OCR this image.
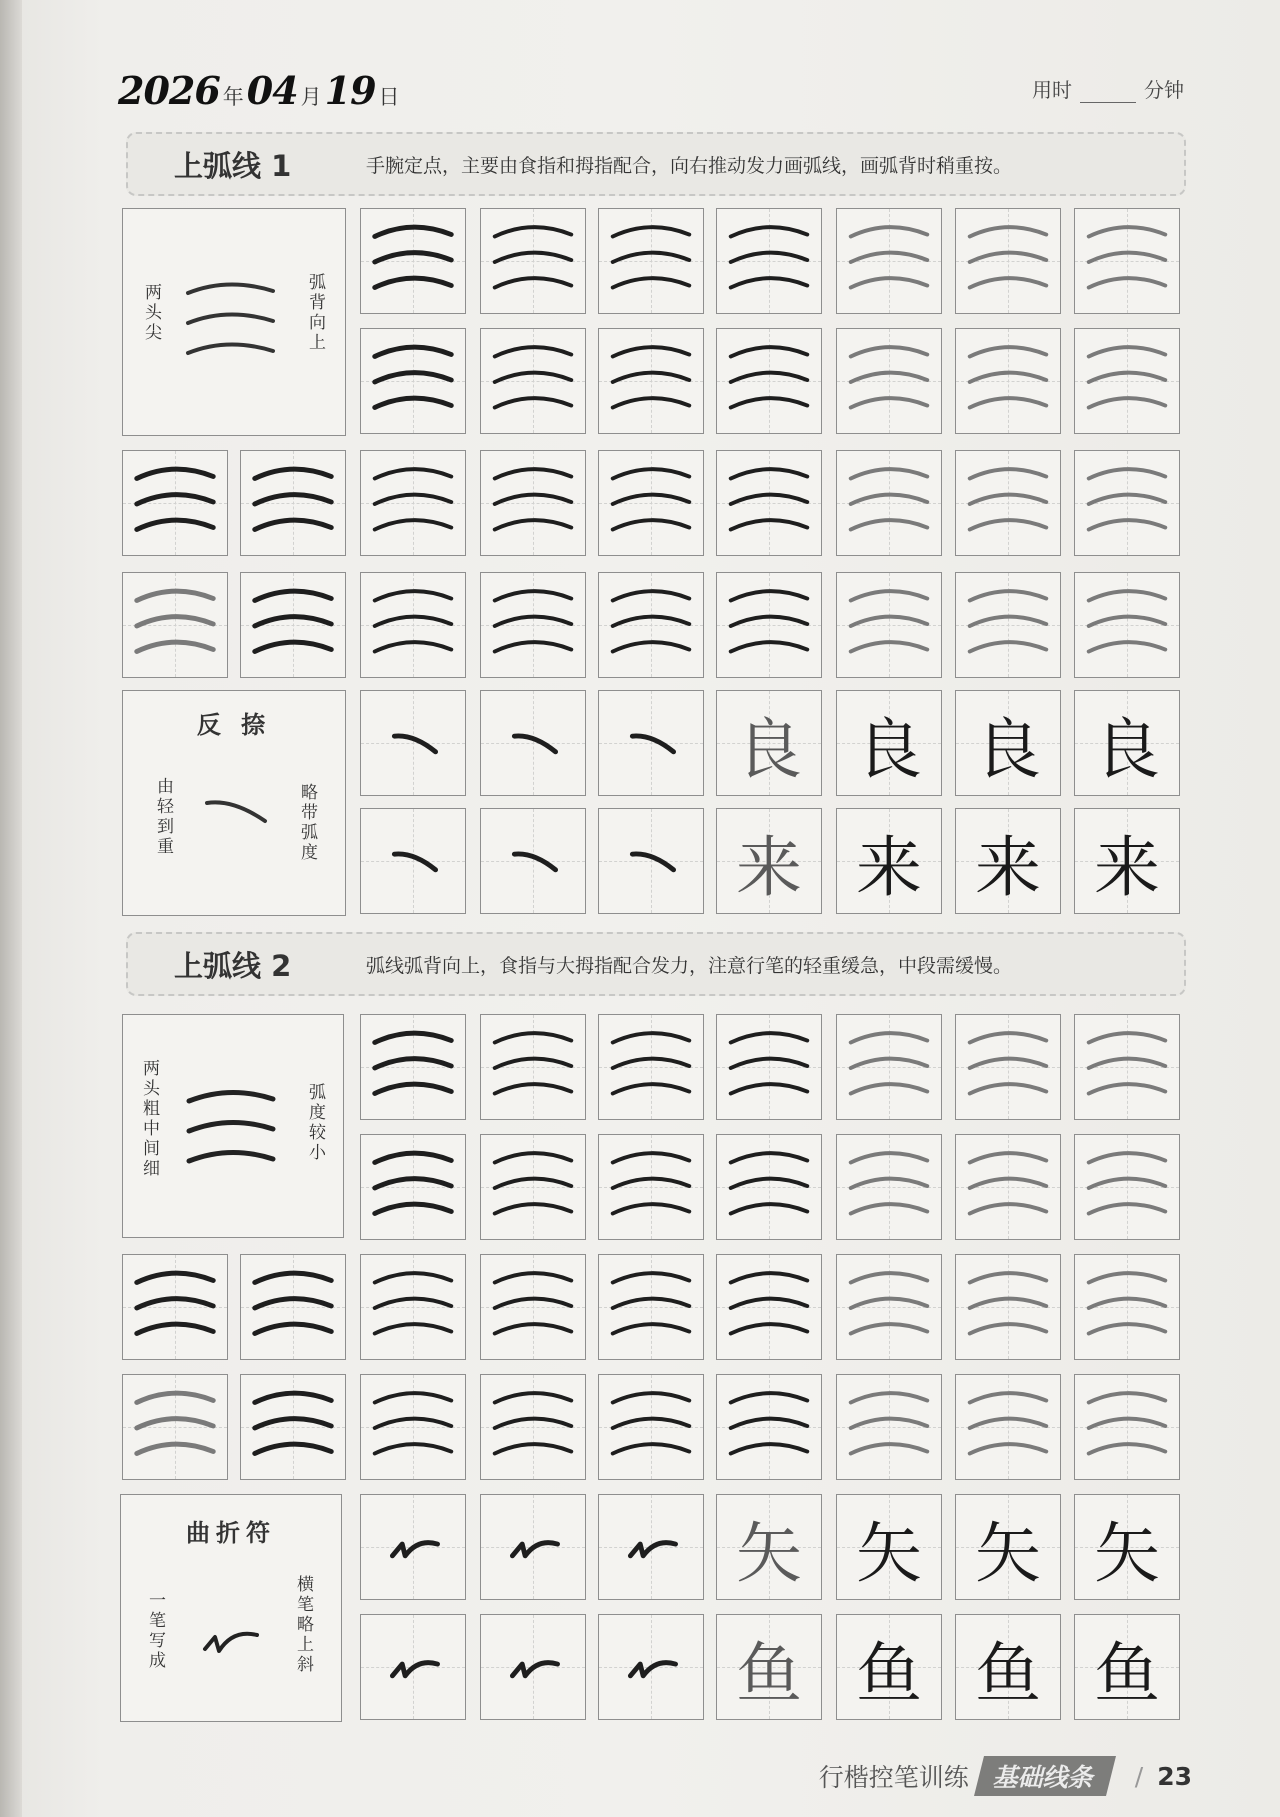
2026 年 04 月 19 日	用时	分钟
上弧线 1	手腕定点，主要由食指和拇指配合，向右推动发力画弧线，画弧背时稍重按。
上弧线 2	弧线弧背向上，食指与大拇指配合发力，注意行笔的轻重缓急，中段需缓慢。
两头尖	弧背向上
反 捺
由轻到重	略带弧度
两头粗中间细	弧度较小
曲折符
一笔写成	横笔略上斜
良 良 良 良
来 来 来 来
矢 矢 矢 矢
鱼 鱼 鱼 鱼
行楷控笔训练 基础线条	/ 23
